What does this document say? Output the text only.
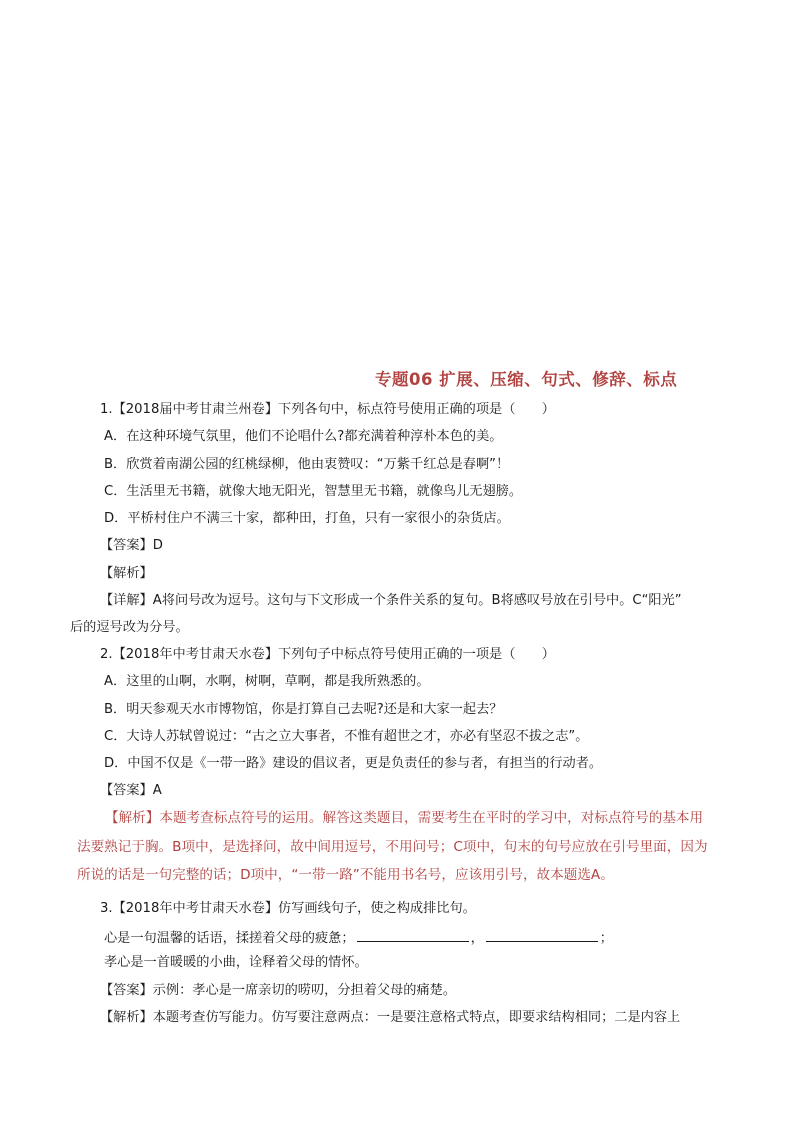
专题06 扩展、压缩、句式、修辞、标点
1.【2018届中考甘肃兰州卷】下列各句中，标点符号使用正确的项是（　　）
A．在这种环境气氛里，他们不论唱什么?都充满着种淳朴本色的美。
B．欣赏着南湖公园的红桃绿柳，他由衷赞叹：“万紫千红总是春啊”！
C．生活里无书籍，就像大地无阳光，智慧里无书籍，就像鸟儿无翅膀。
D．平桥村住户不满三十家，都种田，打鱼，只有一家很小的杂货店。
【答案】D
【解析】
【详解】A将问号改为逗号。这句与下文形成一个条件关系的复句。B将感叹号放在引号中。C“阳光”
后的逗号改为分号。
2.【2018年中考甘肃天水卷】下列句子中标点符号使用正确的一项是（　　）
A．这里的山啊，水啊，树啊，草啊，都是我所熟悉的。
B．明天参观天水市博物馆，你是打算自己去呢?还是和大家一起去？
C．大诗人苏轼曾说过：“古之立大事者，不惟有超世之才，亦必有坚忍不拔之志”。
D．中国不仅是《一带一路》建设的倡议者，更是负责任的参与者，有担当的行动者。
【答案】A
【解析】本题考查标点符号的运用。解答这类题目，需要考生在平时的学习中，对标点符号的基本用
法要熟记于胸。B项中，是选择问，故中间用逗号，不用问号；C项中，句末的句号应放在引号里面，因为
所说的话是一句完整的话；D项中，“一带一路”不能用书名号，应该用引号，故本题选A。
3.【2018年中考甘肃天水卷】仿写画线句子，使之构成排比句。
心是一句温馨的话语，揉搓着父母的疲惫；	，	；
孝心是一首暖暖的小曲，诠释着父母的情怀。
【答案】示例：孝心是一席亲切的唠叨，分担着父母的痛楚。
【解析】本题考查仿写能力。仿写要注意两点：一是要注意格式特点，即要求结构相同；二是内容上
